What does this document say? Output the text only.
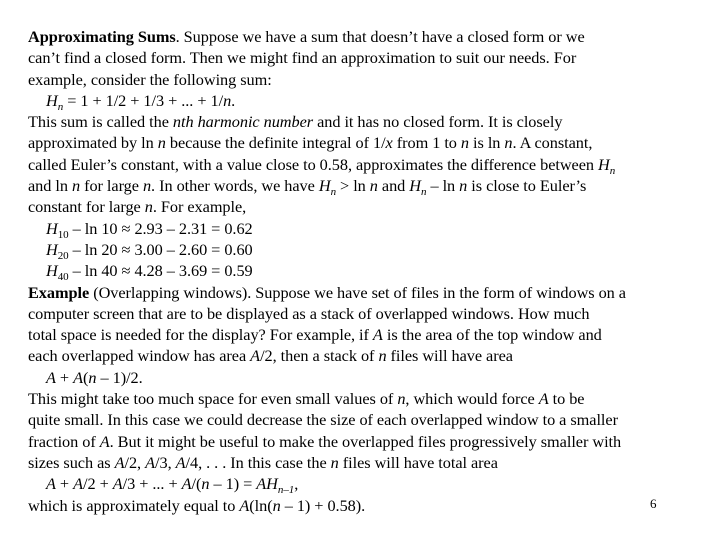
Approximating Sums. Suppose we have a sum that doesn’t have a closed form or we
can’t find a closed form. Then we might find an approximation to suit our needs. For
example, consider the following sum:
$H_n = 1 + 1/2 + 1/3$ + ... + 1/n.
This sum is called the nth harmonic number and it has no closed form. It is closely
approximated by ln n because the definite integral of 1/x from 1 to n is ln n. A constant,
called Euler’s constant, with a value close to 0.58, approximates the difference between $H_n$
and ln n for large n. In other words, we have $H_n > \ln n$ and $H_n$ – ln n is close to Euler’s
constant for large n. For example,
$H_{10} - \ln 10 \approx 2.93 - 2.31 = 0.62$
$H_{20} - \ln 20 \approx 3.00 - 2.60 = 0.60$
$H_{40} - \ln 40 \approx 4.28 - 3.69 = 0.59$
Example (Overlapping windows). Suppose we have set of files in the form of windows on a
computer screen that are to be displayed as a stack of overlapped windows. How much
total space is needed for the display? For example, if A is the area of the top window and
each overlapped window has area A/2, then a stack of n files will have area
A + A(n – 1)/2.
This might take too much space for even small values of n, which would force A to be
quite small. In this case we could decrease the size of each overlapped window to a smaller
fraction of A. But it might be useful to make the overlapped files progressively smaller with
sizes such as A/2, A/3, A/4, . . . In this case the n files will have total area
A + A/2 + A/3 + ... + $A/(n - 1) = AH_{n-1}$,
which is approximately equal to A(ln(n – 1) + 0.58).	6
